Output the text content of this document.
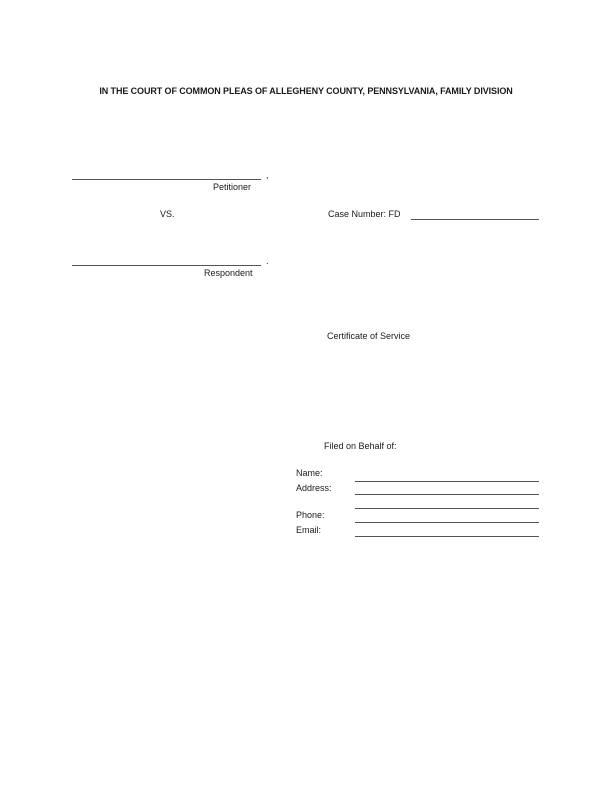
IN THE COURT OF COMMON PLEAS OF ALLEGHENY COUNTY, PENNSYLVANIA, FAMILY DIVISION
,
Petitioner
VS.	Case Number: FD
.
Respondent
Certificate of Service
Filed on Behalf of:
Name:
Address:
Phone:
Email:
